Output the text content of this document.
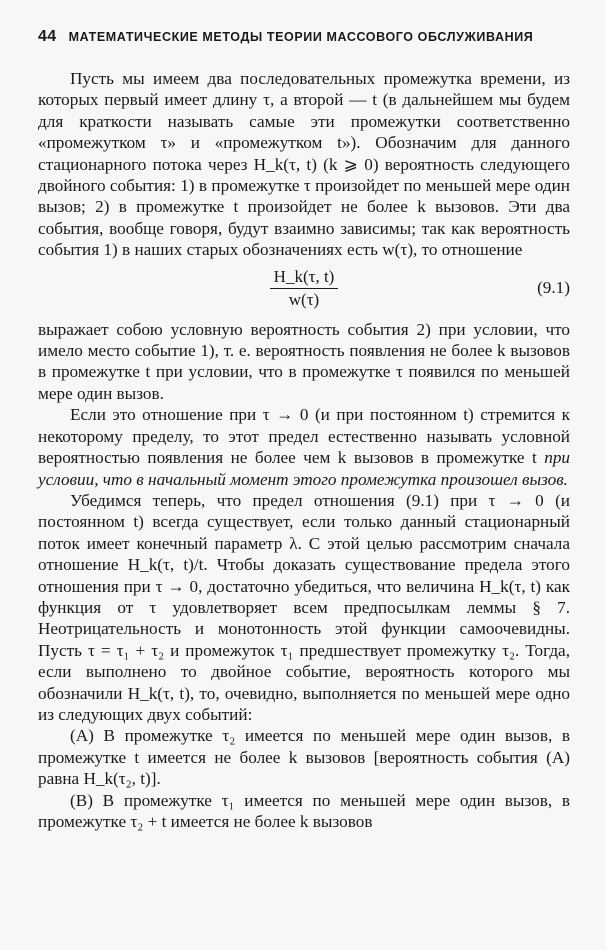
44 МАТЕМАТИЧЕСКИЕ МЕТОДЫ ТЕОРИИ МАССОВОГО ОБСЛУЖИВАНИЯ

Пусть мы имеем два последовательных промежутка времени, из которых первый имеет длину τ, а второй — t (в дальнейшем мы будем для краткости называть самые эти промежутки соответственно «промежутком τ» и «промежутком t»). Обозначим для данного стационарного потока через H_k(τ, t) (k ⩾ 0) вероятность следующего двойного события: 1) в промежутке τ произойдет по меньшей мере один вызов; 2) в промежутке t произойдет не более k вызовов. Эти два события, вообще говоря, будут взаимно зависимы; так как вероятность события 1) в наших старых обозначениях есть w(τ), то отношение

$\frac{H\_k(\tau, t)}{w(\tau)}$	(9.1)

выражает собою условную вероятность события 2) при условии, что имело место событие 1), т. е. вероятность появления не более k вызовов в промежутке t при условии, что в промежутке τ появился по меньшей мере один вызов.

Если это отношение при τ → 0 (и при постоянном t) стремится к некоторому пределу, то этот предел естественно называть условной вероятностью появления не более чем k вызовов в промежутке t при условии, что в начальный момент этого промежутка произошел вызов.

Убедимся теперь, что предел отношения (9.1) при τ → 0 (и постоянном t) всегда существует, если только данный стационарный поток имеет конечный параметр λ. С этой целью рассмотрим сначала отношение H_k(τ, t)/t. Чтобы доказать существование предела этого отношения при τ → 0, достаточно убедиться, что величина H_k(τ, t) как функция от τ удовлетворяет всем предпосылкам леммы § 7. Неотрицательность и монотонность этой функции самоочевидны. Пусть τ = τ₁ + τ₂ и промежуток τ₁ предшествует промежутку τ₂. Тогда, если выполнено то двойное событие, вероятность которого мы обозначили H_k(τ, t), то, очевидно, выполняется по меньшей мере одно из следующих двух событий:

(А) В промежутке τ₂ имеется по меньшей мере один вызов, в промежутке t имеется не более k вызовов [вероятность события (А) равна H_k(τ₂, t)].

(В) В промежутке τ₁ имеется по меньшей мере один вызов, в промежутке τ₂ + t имеется не более k вызовов
